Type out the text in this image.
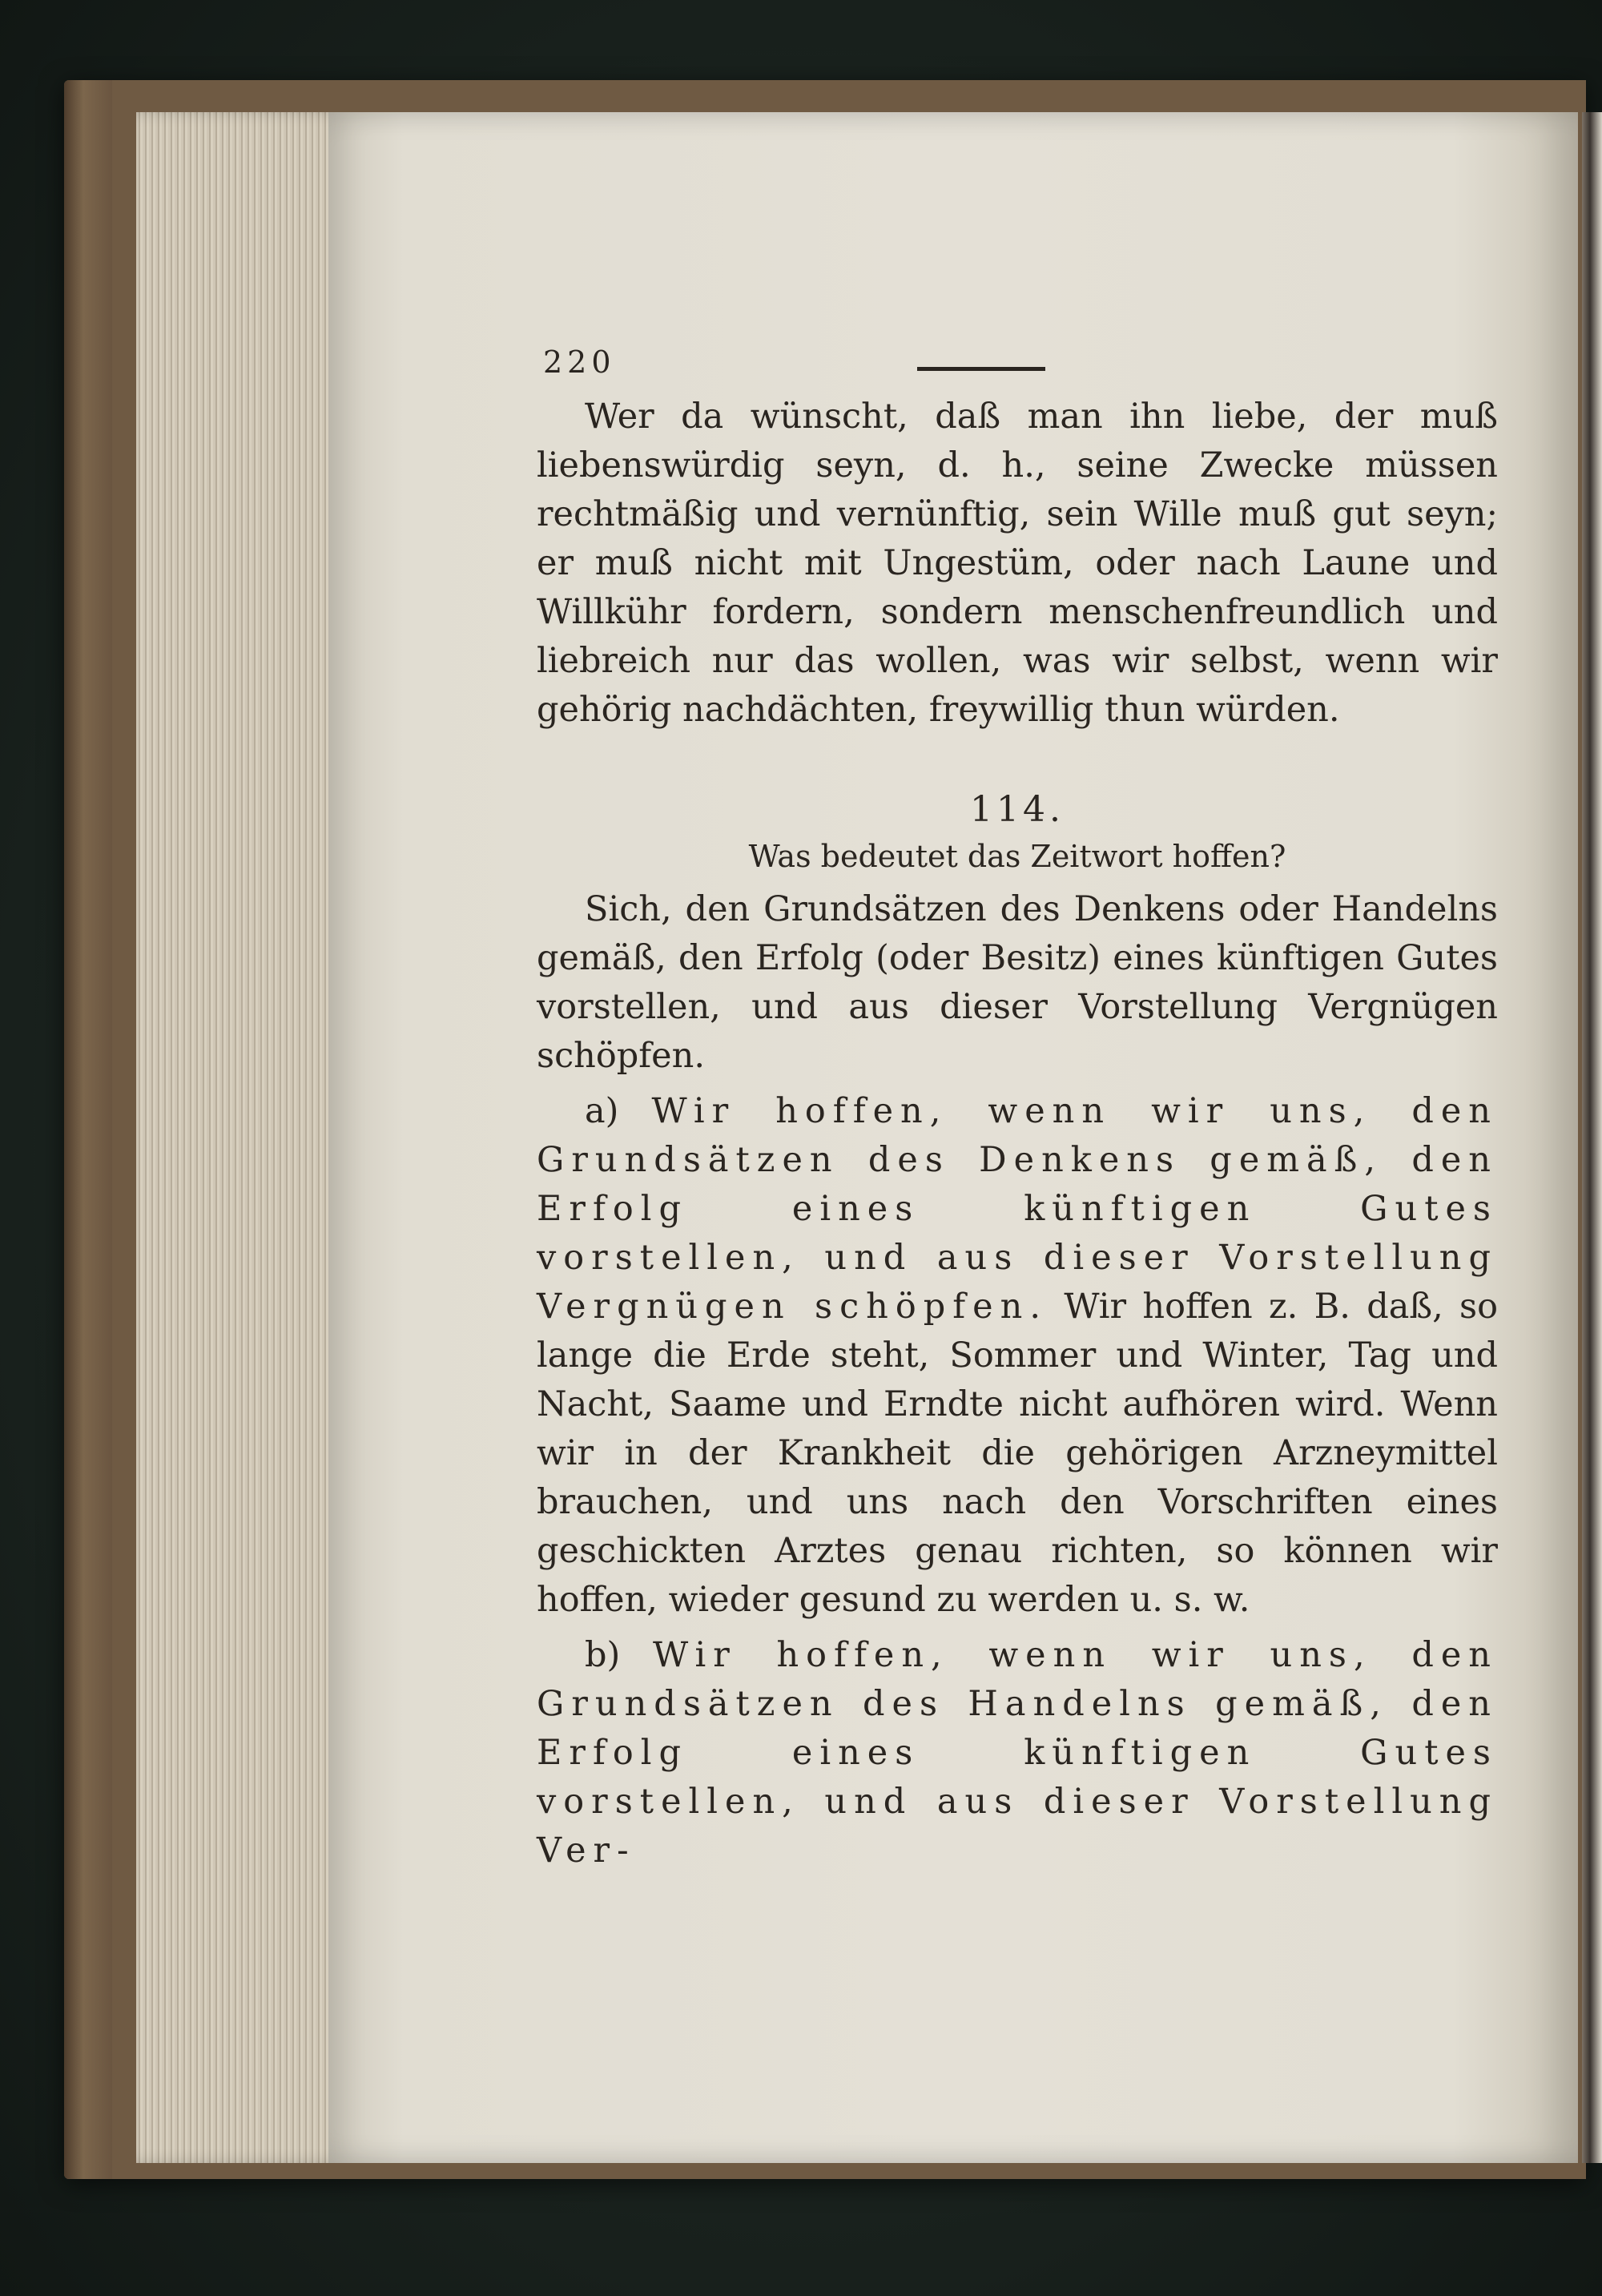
220

Wer da wünscht, daß man ihn liebe, der muß liebenswürdig seyn, d. h., seine Zwecke müssen rechtmäßig und vernünftig, sein Wille muß gut seyn; er muß nicht mit Ungestüm, oder nach Laune und Willkühr fordern, sondern menschenfreundlich und liebreich nur das wollen, was wir selbst, wenn wir gehörig nachdächten, freywillig thun würden.

114.
Was bedeutet das Zeitwort hoffen?

Sich, den Grundsätzen des Denkens oder Handelns gemäß, den Erfolg (oder Besitz) eines künftigen Gutes vorstellen, und aus dieser Vorstellung Vergnügen schöpfen.

a) Wir hoffen, wenn wir uns, den Grundsätzen des Denkens gemäß, den Erfolg eines künftigen Gutes vorstellen, und aus dieser Vorstellung Vergnügen schöpfen. Wir hoffen z. B. daß, so lange die Erde steht, Sommer und Winter, Tag und Nacht, Saame und Erndte nicht aufhören wird. Wenn wir in der Krankheit die gehörigen Arzneymittel brauchen, und uns nach den Vorschriften eines geschickten Arztes genau richten, so können wir hoffen, wieder gesund zu werden u. s. w.

b) Wir hoffen, wenn wir uns, den Grundsätzen des Handelns gemäß, den Erfolg eines künftigen Gutes vorstellen, und aus dieser Vorstellung Ver-
